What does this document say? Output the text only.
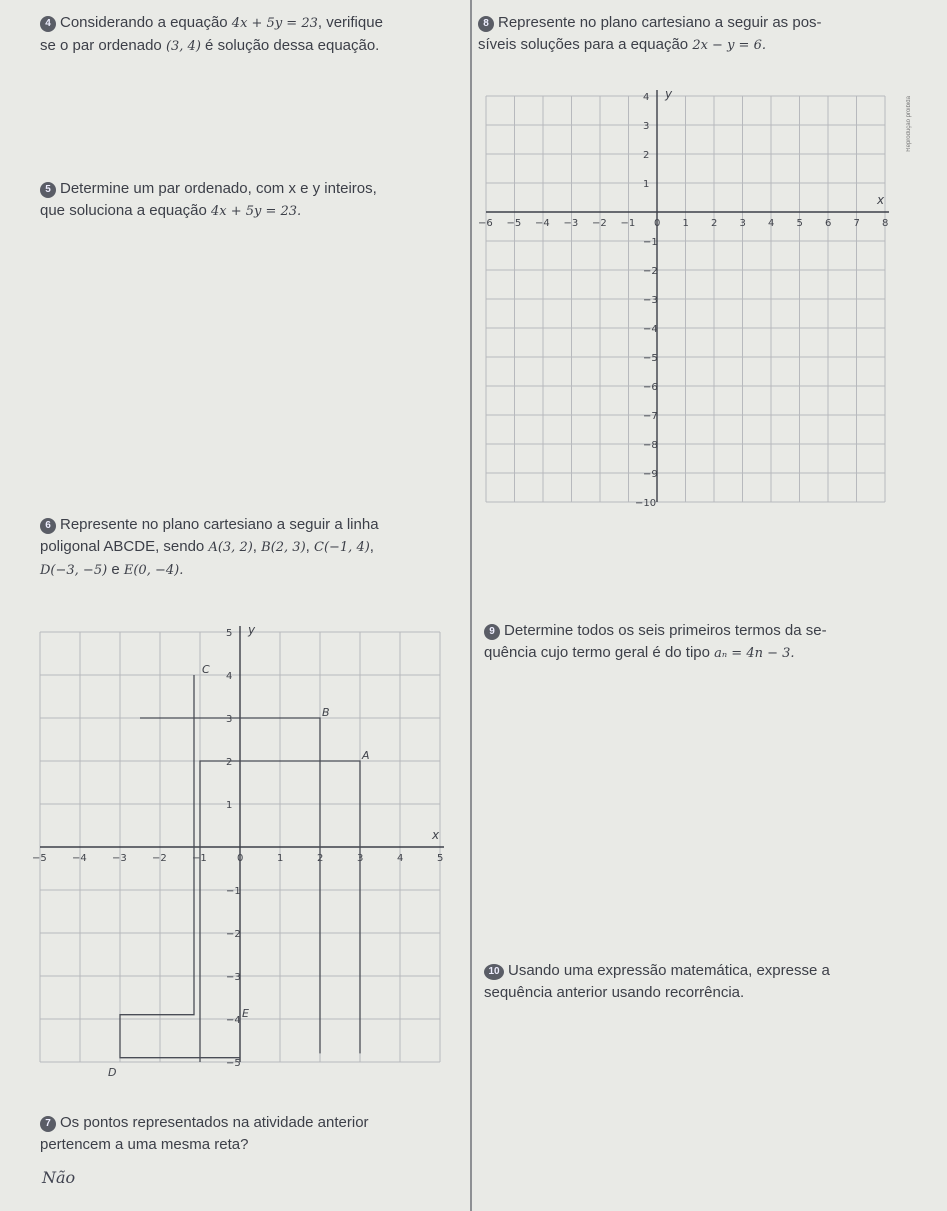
4 Considerando a equação 4x + 5y = 23, verifique
se o par ordenado (3, 4) é solução dessa equação.
5 Determine um par ordenado, com x e y inteiros,
que soluciona a equação 4x + 5y = 23.
6 Represente no plano cartesiano a seguir a linha
poligonal ABCDE, sendo A(3, 2), B(2, 3), C(−1, 4),
D(−3, −5) e E(0, −4).
x
y
−5	−4	−3	−2	−1	0	1	2	3	4	5
5
4
3
2
1
−1
−2
−3
−4
−5
A
B
C
D
E
7 Os pontos representados na atividade anterior
pertencem a uma mesma reta?
Não
8 Represente no plano cartesiano a seguir as pos-
síveis soluções para a equação 2x − y = 6.
x
y
−6 −5 −4 −3 −2 −1 0 1 2 3 4 5 6 7 8
4
3
2
1
−1
−2
−3
−4
−5
−6
−7
−8
−9
−10
Reprodução proibida
9 Determine todos os seis primeiros termos da se-
quência cujo termo geral é do tipo aₙ = 4n − 3.
10 Usando uma expressão matemática, expresse a
sequência anterior usando recorrência.
